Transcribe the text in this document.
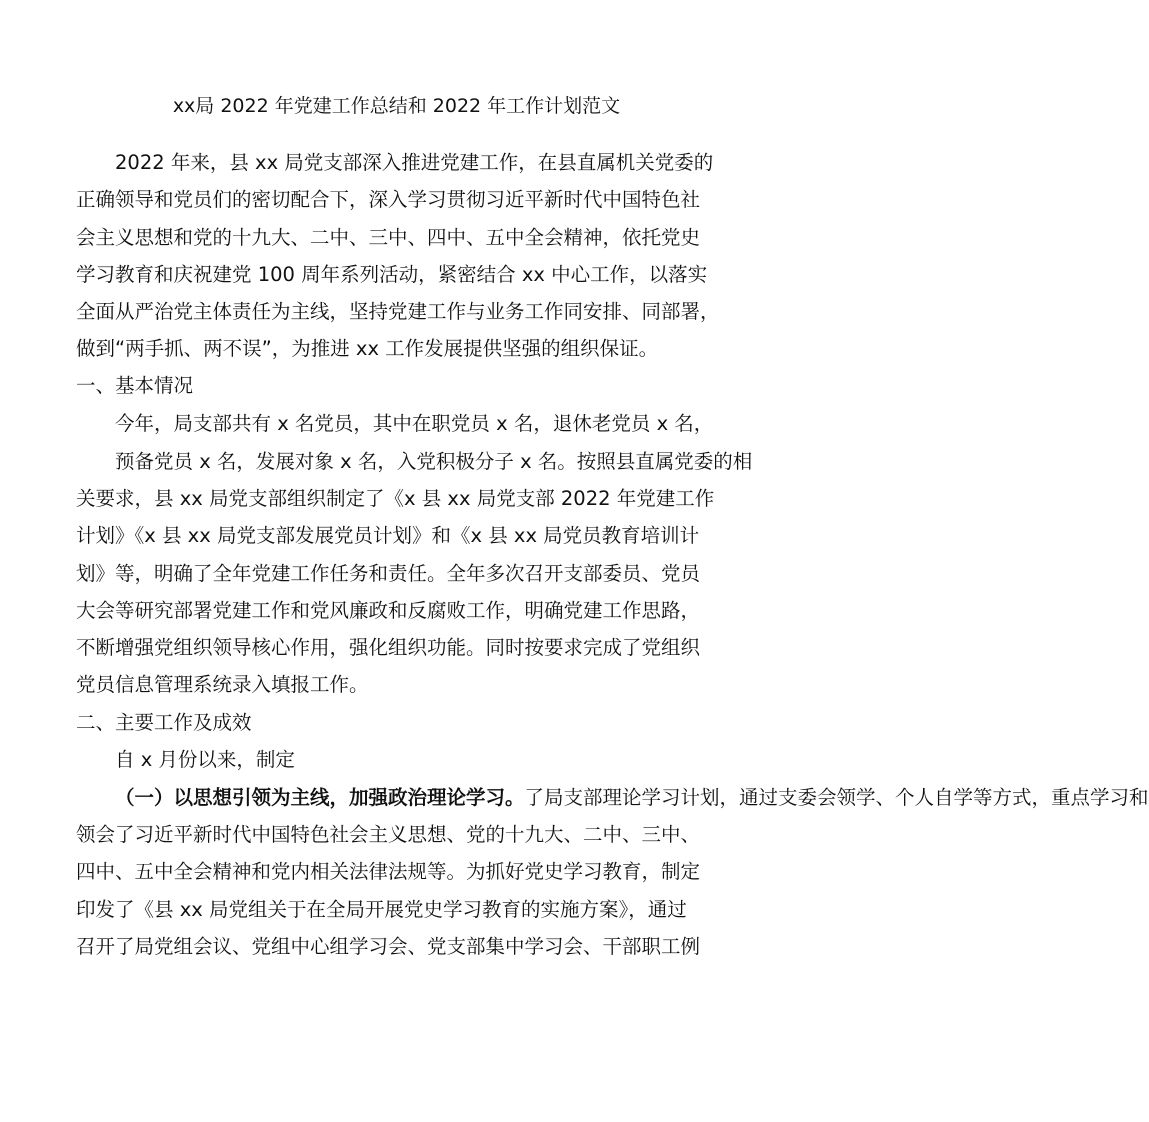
xx局 2022 年党建工作总结和 2022 年工作计划范文
2022 年来，县 xx 局党支部深入推进党建工作，在县直属机关党委的
正确领导和党员们的密切配合下，深入学习贯彻习近平新时代中国特色社
会主义思想和党的十九大、二中、三中、四中、五中全会精神，依托党史
学习教育和庆祝建党 100 周年系列活动，紧密结合 xx 中心工作，以落实
全面从严治党主体责任为主线，坚持党建工作与业务工作同安排、同部署，
做到“两手抓、两不误”，为推进 xx 工作发展提供坚强的组织保证。
一、基本情况
今年，局支部共有 x 名党员，其中在职党员 x 名，退休老党员 x 名，
预备党员 x 名，发展对象 x 名，入党积极分子 x 名。按照县直属党委的相
关要求，县 xx 局党支部组织制定了《x 县 xx 局党支部 2022 年党建工作
计划》《x 县 xx 局党支部发展党员计划》和《x 县 xx 局党员教育培训计
划》等，明确了全年党建工作任务和责任。全年多次召开支部委员、党员
大会等研究部署党建工作和党风廉政和反腐败工作，明确党建工作思路，
不断增强党组织领导核心作用，强化组织功能。同时按要求完成了党组织
党员信息管理系统录入填报工作。
二、主要工作及成效
自 x 月份以来，制定
（一）以思想引领为主线，加强政治理论学习。了局支部理论学习计划，通过支委会领学、个人自学等方式，重点学习和
领会了习近平新时代中国特色社会主义思想、党的十九大、二中、三中、
四中、五中全会精神和党内相关法律法规等。为抓好党史学习教育，制定
印发了《县 xx 局党组关于在全局开展党史学习教育的实施方案》，通过
召开了局党组会议、党组中心组学习会、党支部集中学习会、干部职工例
